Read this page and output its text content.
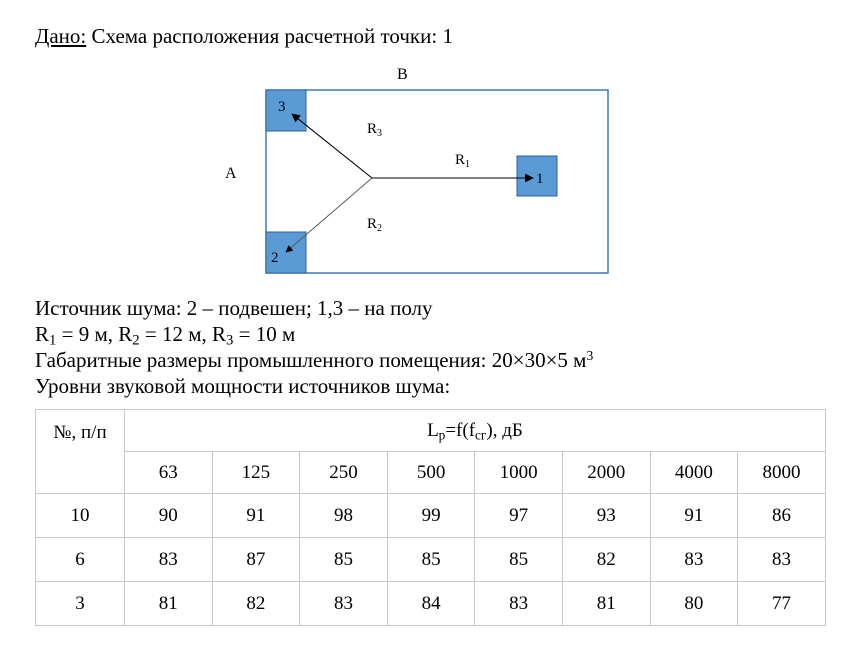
Дано: Схема расположения расчетной точки: 1
В
А
3
2
1
$R_1$
$R_2$
$R_3$
Источник шума: 2 – подвешен; 1,3 – на полу
$R_1 = 9$ м, $R_2 = 12$ м, $R_3 = 10$ м
Габаритные размеры промышленного помещения: 20×30×5 $м^3$
Уровни звуковой мощности источников шума:
№, п/п	$L_p=f(f_{сг})$, дБ							
	63	125	250	500	1000	2000	4000	8000
10	90	91	98	99	97	93	91	86
6	83	87	85	85	85	82	83	83
3	81	82	83	84	83	81	80	77
